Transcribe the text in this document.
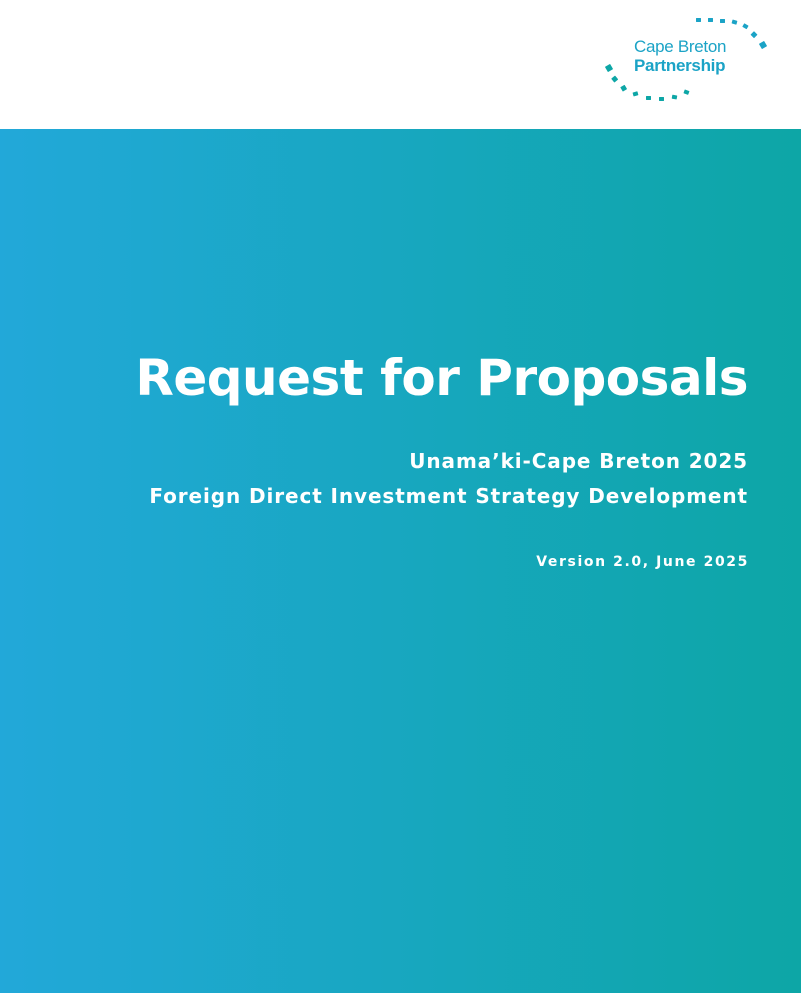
Cape Breton
Partnership
Request for Proposals
Unama’ki-Cape Breton 2025
Foreign Direct Investment Strategy Development
Version 2.0, June 2025
